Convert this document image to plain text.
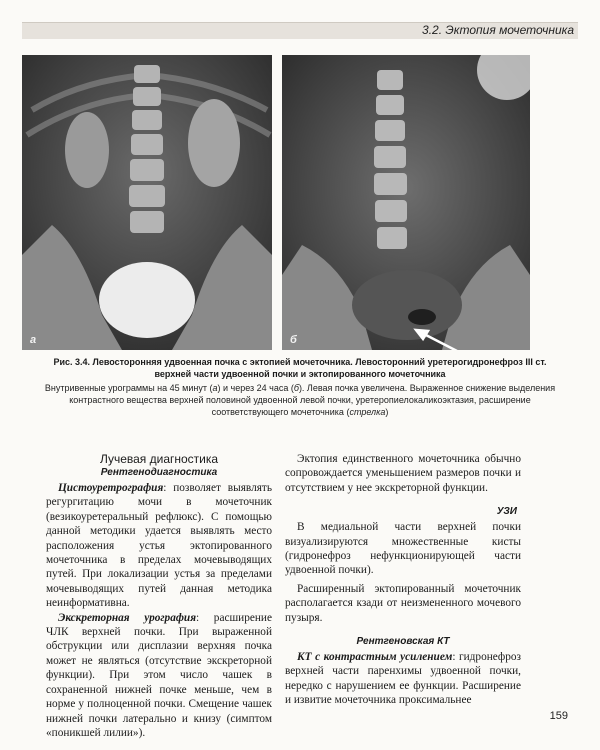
3.2. Эктопия мочеточника
а	б
Рис. 3.4. Левосторонняя удвоенная почка с эктопией мочеточника. Левосторонний уретерогидронефроз III ст.
верхней части удвоенной почки и эктопированного мочеточника
Внутривенные урограммы на 45 минут (а) и через 24 часа (б). Левая почка увеличена. Выраженное снижение выделения контрастного вещества верхней половиной удвоенной левой почки, уретеропиелокаликоэктазия, расширение соответствующего мочеточника (стрелка)
Лучевая диагностика
Рентгенодиагностика

Цистоуретрография: позволяет выявлять регургитацию мочи в мочеточник (везикоуретеральный рефлюкс). С помощью данной методики удается выявлять место расположения устья эктопированного мочеточника в пределах мочевыводящих путей. При локализации устья за пределами мочевыводящих путей данная методика неинформативна.

Экскреторная урография: расширение ЧЛК верхней почки. При выраженной обструкции или дисплазии верхняя почка может не являться (отсутствие экскреторной функции). При этом число чашек в сохраненной нижней почке меньше, чем в норме у полноценной почки. Смещение чашек нижней почки латерально и книзу (симптом «поникшей лилии»).

Эктопия единственного мочеточника обычно сопровождается уменьшением размеров почки и отсутствием у нее экскреторной функции.

УЗИ

В медиальной части верхней почки визуализируются множественные кисты (гидронефроз нефункционирующей части удвоенной почки).

Расширенный эктопированный мочеточник располагается кзади от неизмененного мочевого пузыря.

Рентгеновская КТ

КТ с контрастным усилением: гидронефроз верхней части паренхимы удвоенной почки, нередко с нарушением ее функции. Расширение и извитие мочеточника проксимальнее

159
